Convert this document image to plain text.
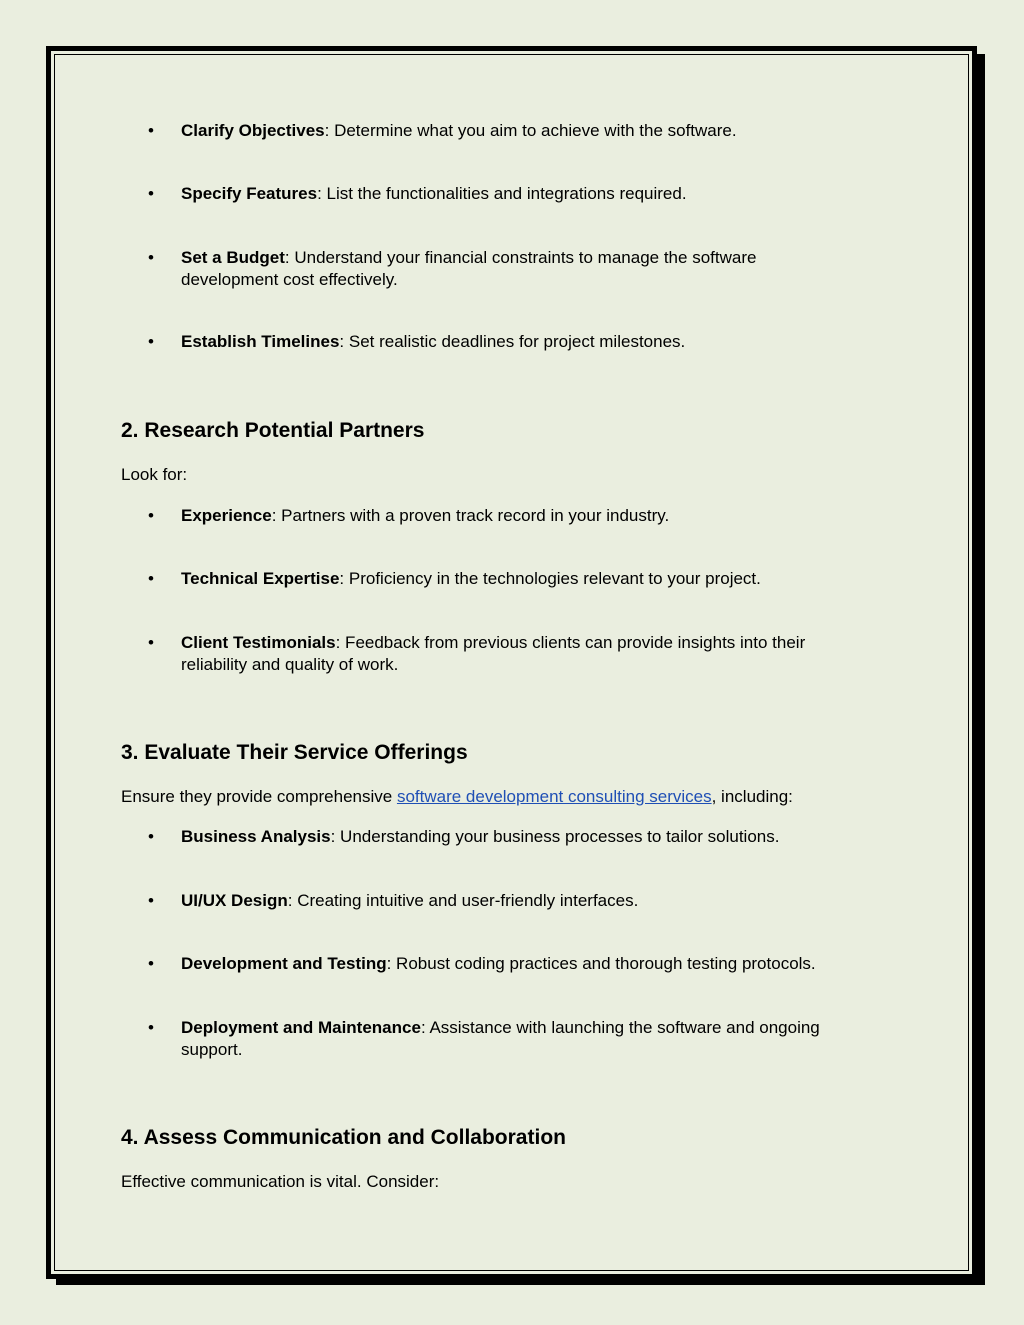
• Clarify Objectives: Determine what you aim to achieve with the software.
• Specify Features: List the functionalities and integrations required.
• Set a Budget: Understand your financial constraints to manage the software development cost effectively.
• Establish Timelines: Set realistic deadlines for project milestones.
2. Research Potential Partners
Look for:
• Experience: Partners with a proven track record in your industry.
• Technical Expertise: Proficiency in the technologies relevant to your project.
• Client Testimonials: Feedback from previous clients can provide insights into their reliability and quality of work.
3. Evaluate Their Service Offerings
Ensure they provide comprehensive software development consulting services, including:
• Business Analysis: Understanding your business processes to tailor solutions.
• UI/UX Design: Creating intuitive and user-friendly interfaces.
• Development and Testing: Robust coding practices and thorough testing protocols.
• Deployment and Maintenance: Assistance with launching the software and ongoing support.
4. Assess Communication and Collaboration
Effective communication is vital. Consider:
